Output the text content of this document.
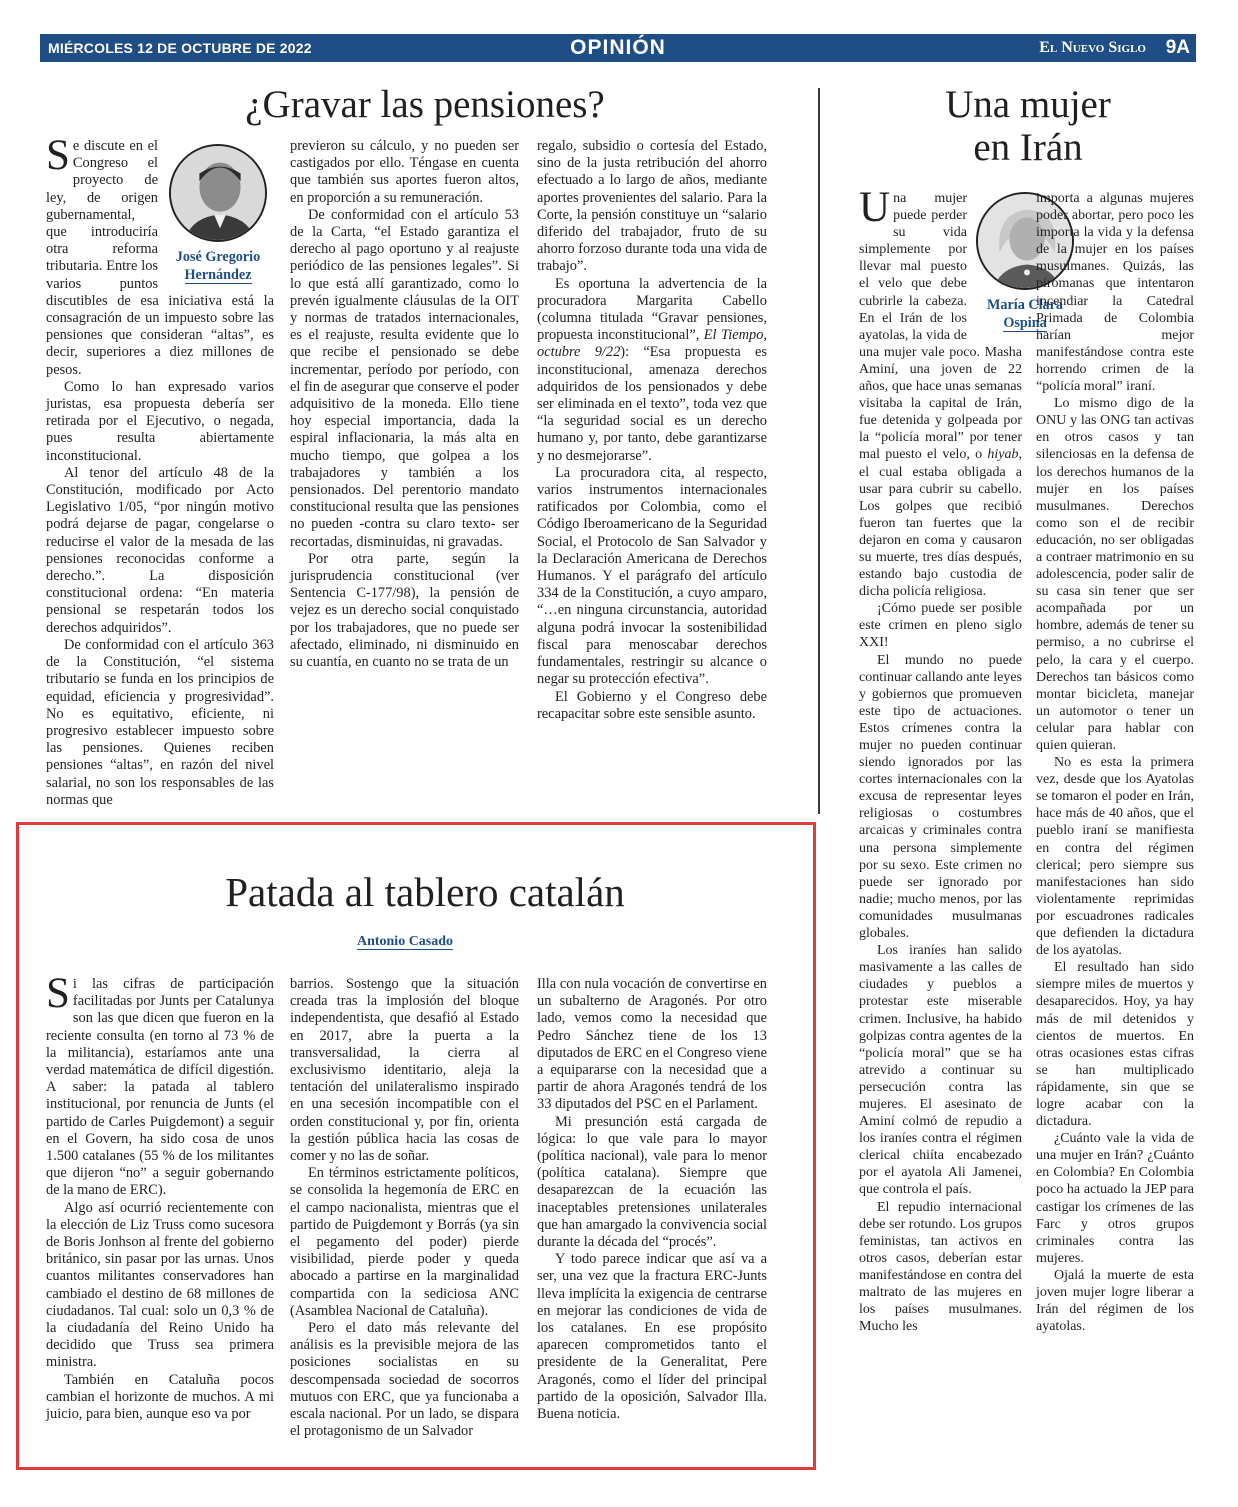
MIÉRCOLES 12 DE OCTUBRE DE 2022	OPINIÓN	El Nuevo Siglo 9A
¿Gravar las pensiones?
José Gregorio
Hernández

Se discute en el Congreso el proyecto de ley, de origen gubernamental, que introduciría otra reforma tributaria. Entre los varios puntos discutibles de esa iniciativa está la consagración de un impuesto sobre las pensiones que consideran “altas”, es decir, superiores a diez millones de pesos.

Como lo han expresado varios juristas, esa propuesta debería ser retirada por el Ejecutivo, o negada, pues resulta abiertamente inconstitucional.

Al tenor del artículo 48 de la Constitución, modificado por Acto Legislativo 1/05, “por ningún motivo podrá dejarse de pagar, congelarse o reducirse el valor de la mesada de las pensiones reconocidas conforme a derecho.”. La disposición constitucional ordena: “En materia pensional se respetarán todos los derechos adquiridos”.

De conformidad con el artículo 363 de la Constitución, “el sistema tributario se funda en los principios de equidad, eficiencia y progresividad”. No es equitativo, eficiente, ni progresivo establecer impuesto sobre las pensiones. Quienes reciben pensiones “altas”, en razón del nivel salarial, no son los responsables de las normas que

previeron su cálculo, y no pueden ser castigados por ello. Téngase en cuenta que también sus aportes fueron altos, en proporción a su remuneración.

De conformidad con el artículo 53 de la Carta, “el Estado garantiza el derecho al pago oportuno y al reajuste periódico de las pensiones legales”. Si lo que está allí garantizado, como lo prevén igualmente cláusulas de la OIT y normas de tratados internacionales, es el reajuste, resulta evidente que lo que recibe el pensionado se debe incrementar, período por período, con el fin de asegurar que conserve el poder adquisitivo de la moneda. Ello tiene hoy especial importancia, dada la espiral inflacionaria, la más alta en mucho tiempo, que golpea a los trabajadores y también a los pensionados. Del perentorio mandato constitucional resulta que las pensiones no pueden -contra su claro texto- ser recortadas, disminuidas, ni gravadas.

Por otra parte, según la jurisprudencia constitucional (ver Sentencia C-177/98), la pensión de vejez es un derecho social conquistado por los trabajadores, que no puede ser afectado, eliminado, ni disminuido en su cuantía, en cuanto no se trata de un

regalo, subsidio o cortesía del Estado, sino de la justa retribución del ahorro efectuado a lo largo de años, mediante aportes provenientes del salario. Para la Corte, la pensión constituye un “salario diferido del trabajador, fruto de su ahorro forzoso durante toda una vida de trabajo”.

Es oportuna la advertencia de la procuradora Margarita Cabello (columna titulada “Gravar pensiones, propuesta inconstitucional”, El Tiempo, octubre 9/22): “Esa propuesta es inconstitucional, amenaza derechos adquiridos de los pensionados y debe ser eliminada en el texto”, toda vez que “la seguridad social es un derecho humano y, por tanto, debe garantizarse y no desmejorarse”.

La procuradora cita, al respecto, varios instrumentos internacionales ratificados por Colombia, como el Código Iberoamericano de la Seguridad Social, el Protocolo de San Salvador y la Declaración Americana de Derechos Humanos. Y el parágrafo del artículo 334 de la Constitución, a cuyo amparo, “…en ninguna circunstancia, autoridad alguna podrá invocar la sostenibilidad fiscal para menoscabar derechos fundamentales, restringir su alcance o negar su protección efectiva”.

El Gobierno y el Congreso debe recapacitar sobre este sensible asunto.

Patada al tablero catalán
Antonio Casado

Si las cifras de participación facilitadas por Junts per Catalunya son las que dicen que fueron en la reciente consulta (en torno al 73 % de la militancia), estaríamos ante una verdad matemática de difícil digestión. A saber: la patada al tablero institucional, por renuncia de Junts (el partido de Carles Puigdemont) a seguir en el Govern, ha sido cosa de unos 1.500 catalanes (55 % de los militantes que dijeron “no” a seguir gobernando de la mano de ERC).

Algo así ocurrió recientemente con la elección de Liz Truss como sucesora de Boris Jonhson al frente del gobierno británico, sin pasar por las urnas. Unos cuantos militantes conservadores han cambiado el destino de 68 millones de ciudadanos. Tal cual: solo un 0,3 % de la ciudadanía del Reino Unido ha decidido que Truss sea primera ministra.

También en Cataluña pocos cambian el horizonte de muchos. A mi juicio, para bien, aunque eso va por

barrios. Sostengo que la situación creada tras la implosión del bloque independentista, que desafió al Estado en 2017, abre la puerta a la transversalidad, la cierra al exclusivismo identitario, aleja la tentación del unilateralismo inspirado en una secesión incompatible con el orden constitucional y, por fin, orienta la gestión pública hacia las cosas de comer y no las de soñar.

En términos estrictamente políticos, se consolida la hegemonía de ERC en el campo nacionalista, mientras que el partido de Puigdemont y Borrás (ya sin el pegamento del poder) pierde visibilidad, pierde poder y queda abocado a partirse en la marginalidad compartida con la sediciosa ANC (Asamblea Nacional de Cataluña).

Pero el dato más relevante del análisis es la previsible mejora de las posiciones socialistas en su descompensada sociedad de socorros mutuos con ERC, que ya funcionaba a escala nacional. Por un lado, se dispara el protagonismo de un Salvador

Illa con nula vocación de convertirse en un subalterno de Aragonés. Por otro lado, vemos como la necesidad que Pedro Sánchez tiene de los 13 diputados de ERC en el Congreso viene a equipararse con la necesidad que a partir de ahora Aragonés tendrá de los 33 diputados del PSC en el Parlament.

Mi presunción está cargada de lógica: lo que vale para lo mayor (política nacional), vale para lo menor (política catalana). Siempre que desaparezcan de la ecuación las inaceptables pretensiones unilaterales que han amargado la convivencia social durante la década del “procés”.

Y todo parece indicar que así va a ser, una vez que la fractura ERC-Junts lleva implícita la exigencia de centrarse en mejorar las condiciones de vida de los catalanes. En ese propósito aparecen comprometidos tanto el presidente de la Generalitat, Pere Aragonés, como el líder del principal partido de la oposición, Salvador Illa. Buena noticia.

Una mujer
en Irán
María Clara
Ospina

Una mujer puede perder su vida simplemente por llevar mal puesto el velo que debe cubrirle la cabeza. En el Irán de los ayatolas, la vida de una mujer vale poco. Masha Aminí, una joven de 22 años, que hace unas semanas visitaba la capital de Irán, fue detenida y golpeada por la “policía moral” por tener mal puesto el velo, o hiyab, el cual estaba obligada a usar para cubrir su cabello. Los golpes que recibió fueron tan fuertes que la dejaron en coma y causaron su muerte, tres días después, estando bajo custodia de dicha policía religiosa.

¡Cómo puede ser posible este crimen en pleno siglo XXI!

El mundo no puede continuar callando ante leyes y gobiernos que promueven este tipo de actuaciones. Estos crímenes contra la mujer no pueden continuar siendo ignorados por las cortes internacionales con la excusa de representar leyes religiosas o costumbres arcaicas y criminales contra una persona simplemente por su sexo. Este crimen no puede ser ignorado por nadie; mucho menos, por las comunidades musulmanas globales.

Los iraníes han salido masivamente a las calles de ciudades y pueblos a protestar este miserable crimen. Inclusive, ha habido golpizas contra agentes de la “policía moral” que se ha atrevido a continuar su persecución contra las mujeres. El asesinato de Aminí colmó de repudio a los iraníes contra el régimen clerical chiíta encabezado por el ayatola Ali Jamenei, que controla el país.

El repudio internacional debe ser rotundo. Los grupos feministas, tan activos en otros casos, deberían estar manifestándose en contra del maltrato de las mujeres en los países musulmanes. Mucho les

importa a algunas mujeres poder abortar, pero poco les importa la vida y la defensa de la mujer en los países musulmanes. Quizás, las pirómanas que intentaron incendiar la Catedral Primada de Colombia harían mejor manifestándose contra este horrendo crimen de la “policía moral” iraní.

Lo mismo digo de la ONU y las ONG tan activas en otros casos y tan silenciosas en la defensa de los derechos humanos de la mujer en los países musulmanes. Derechos como son el de recibir educación, no ser obligadas a contraer matrimonio en su adolescencia, poder salir de su casa sin tener que ser acompañada por un hombre, además de tener su permiso, a no cubrirse el pelo, la cara y el cuerpo. Derechos tan básicos como montar bicicleta, manejar un automotor o tener un celular para hablar con quien quieran.

No es esta la primera vez, desde que los Ayatolas se tomaron el poder en Irán, hace más de 40 años, que el pueblo iraní se manifiesta en contra del régimen clerical; pero siempre sus manifestaciones han sido violentamente reprimidas por escuadrones radicales que defienden la dictadura de los ayatolas.

El resultado han sido siempre miles de muertos y desaparecidos. Hoy, ya hay más de mil detenidos y cientos de muertos. En otras ocasiones estas cifras se han multiplicado rápidamente, sin que se logre acabar con la dictadura.

¿Cuánto vale la vida de una mujer en Irán? ¿Cuánto en Colombia? En Colombia poco ha actuado la JEP para castigar los crímenes de las Farc y otros grupos criminales contra las mujeres.

Ojalá la muerte de esta joven mujer logre liberar a Irán del régimen de los ayatolas.
